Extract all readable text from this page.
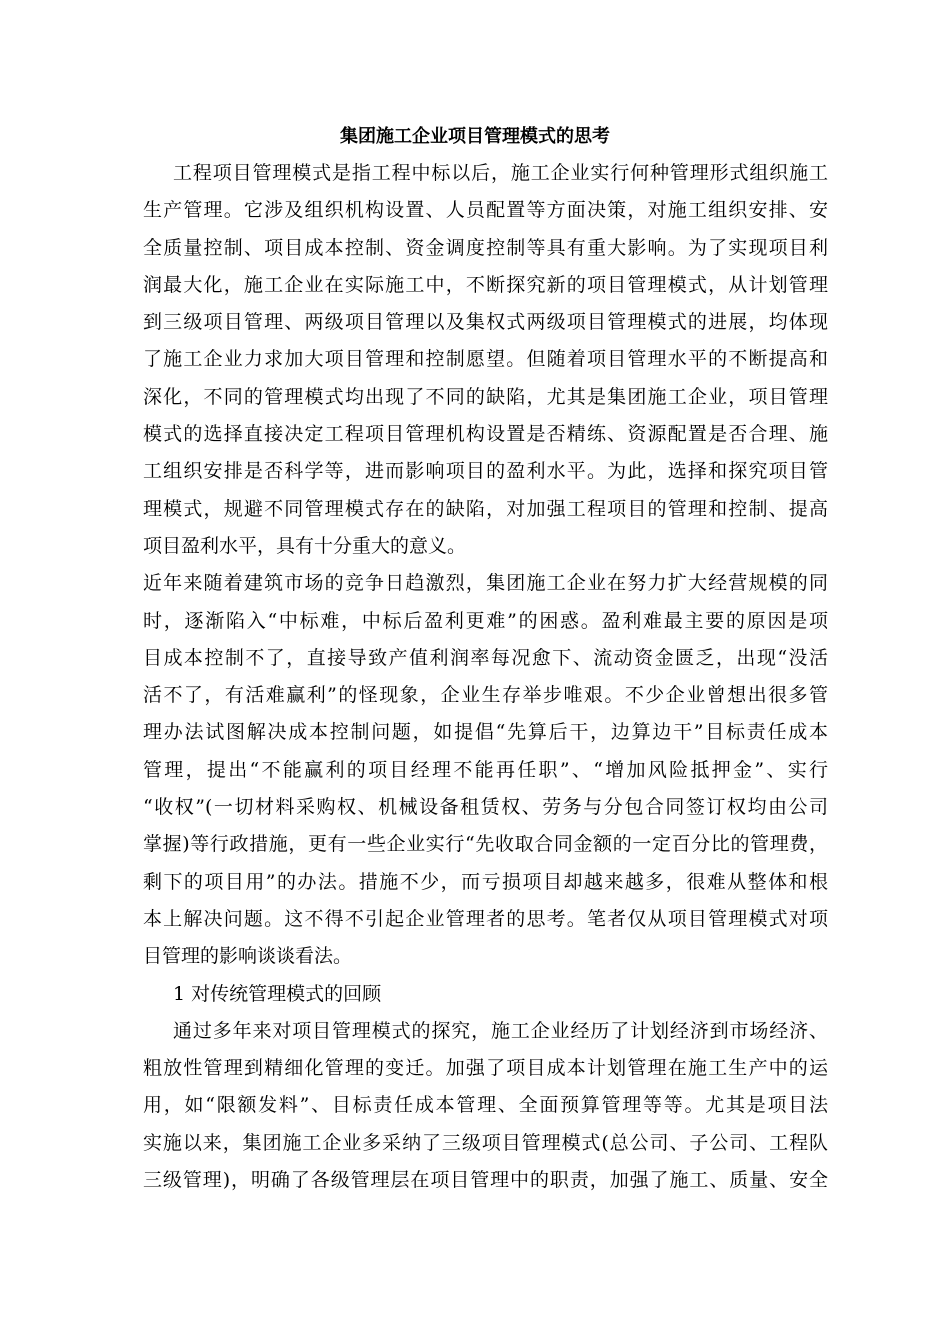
集团施工企业项目管理模式的思考
工程项目管理模式是指工程中标以后，施工企业实行何种管理形式组织施工
生产管理。它涉及组织机构设置、人员配置等方面决策，对施工组织安排、安
全质量控制、项目成本控制、资金调度控制等具有重大影响。为了实现项目利
润最大化，施工企业在实际施工中，不断探究新的项目管理模式，从计划管理
到三级项目管理、两级项目管理以及集权式两级项目管理模式的进展，均体现
了施工企业力求加大项目管理和控制愿望。但随着项目管理水平的不断提高和
深化，不同的管理模式均出现了不同的缺陷，尤其是集团施工企业，项目管理
模式的选择直接决定工程项目管理机构设置是否精练、资源配置是否合理、施
工组织安排是否科学等，进而影响项目的盈利水平。为此，选择和探究项目管
理模式，规避不同管理模式存在的缺陷，对加强工程项目的管理和控制、提高
项目盈利水平，具有十分重大的意义。
近年来随着建筑市场的竞争日趋激烈，集团施工企业在努力扩大经营规模的同
时，逐渐陷入“中标难，中标后盈利更难”的困惑。盈利难最主要的原因是项
目成本控制不了，直接导致产值利润率每况愈下、流动资金匮乏，出现“没活
活不了，有活难赢利”的怪现象，企业生存举步唯艰。不少企业曾想出很多管
理办法试图解决成本控制问题，如提倡“先算后干，边算边干”目标责任成本
管理，提出“不能赢利的项目经理不能再任职”、“增加风险抵押金”、实行
“收权”(一切材料采购权、机械设备租赁权、劳务与分包合同签订权均由公司
掌握)等行政措施，更有一些企业实行“先收取合同金额的一定百分比的管理费，
剩下的项目用”的办法。措施不少，而亏损项目却越来越多，很难从整体和根
本上解决问题。这不得不引起企业管理者的思考。笔者仅从项目管理模式对项
目管理的影响谈谈看法。
1 对传统管理模式的回顾
通过多年来对项目管理模式的探究，施工企业经历了计划经济到市场经济、
粗放性管理到精细化管理的变迁。加强了项目成本计划管理在施工生产中的运
用，如“限额发料”、目标责任成本管理、全面预算管理等等。尤其是项目法
实施以来，集团施工企业多采纳了三级项目管理模式(总公司、子公司、工程队
三级管理)，明确了各级管理层在项目管理中的职责，加强了施工、质量、安全
